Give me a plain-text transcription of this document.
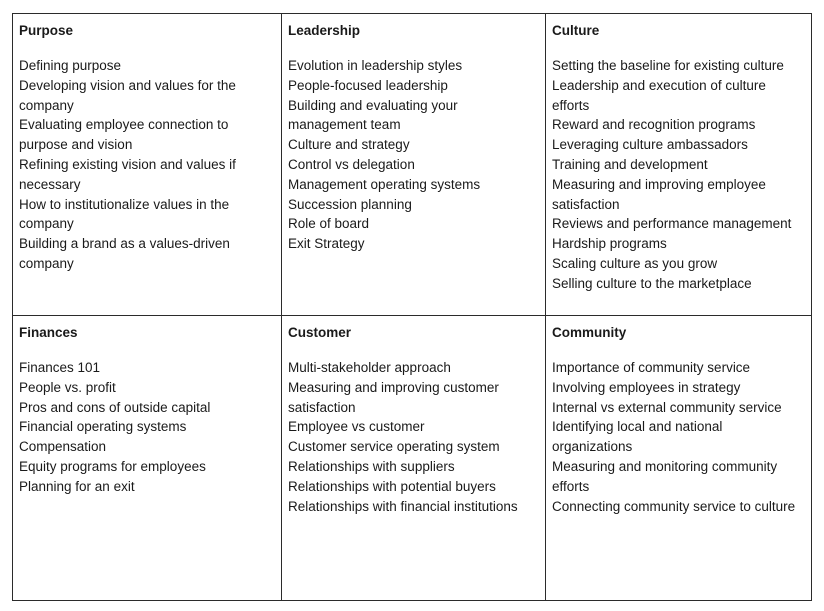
Purpose
Defining purpose
Developing vision and values for the company
Evaluating employee connection to purpose and vision
Refining existing vision and values if necessary
How to institutionalize values in the company
Building a brand as a values-driven company
Leadership
Evolution in leadership styles
People-focused leadership
Building and evaluating your management team
Culture and strategy
Control vs delegation
Management operating systems
Succession planning
Role of board
Exit Strategy
Culture
Setting the baseline for existing culture
Leadership and execution of culture efforts
Reward and recognition programs
Leveraging culture ambassadors
Training and development
Measuring and improving employee satisfaction
Reviews and performance management
Hardship programs
Scaling culture as you grow
Selling culture to the marketplace
Finances
Finances 101
People vs. profit
Pros and cons of outside capital
Financial operating systems
Compensation
Equity programs for employees
Planning for an exit
Customer
Multi-stakeholder approach
Measuring and improving customer satisfaction
Employee vs customer
Customer service operating system
Relationships with suppliers
Relationships with potential buyers
Relationships with financial institutions
Community
Importance of community service
Involving employees in strategy
Internal vs external community service
Identifying local and national organizations
Measuring and monitoring community efforts
Connecting community service to culture
